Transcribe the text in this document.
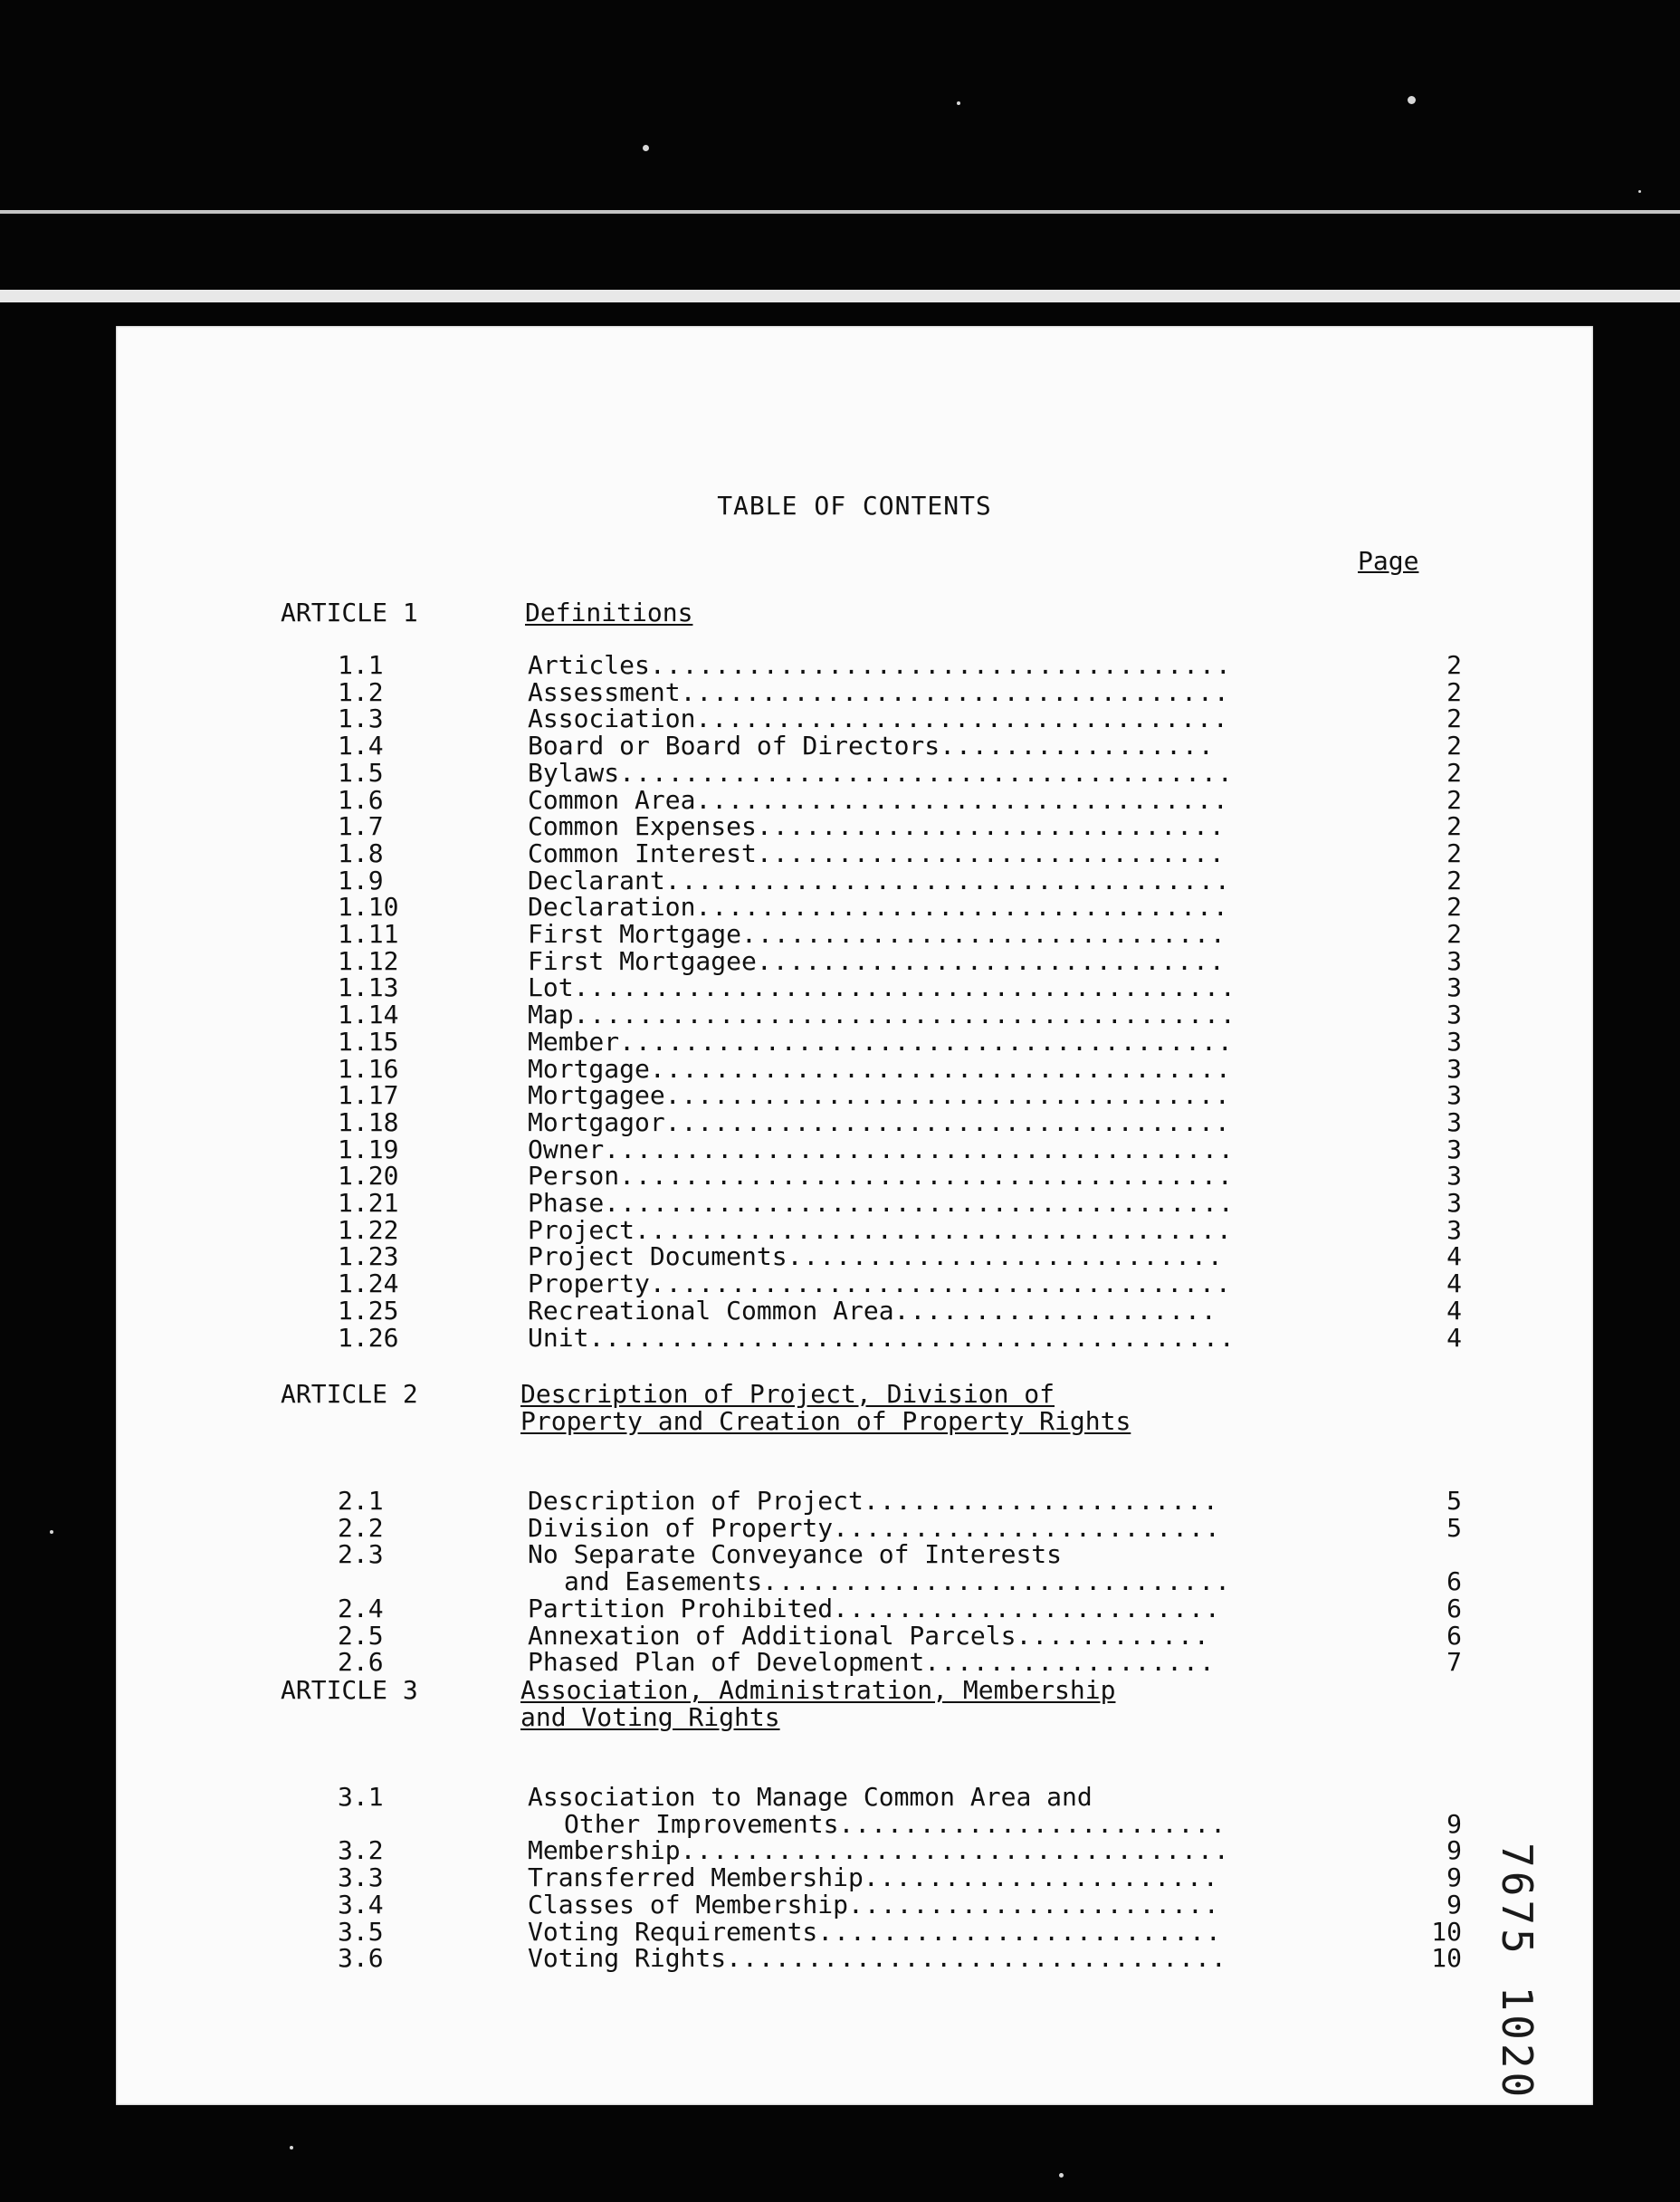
TABLE OF CONTENTS
Page
ARTICLE 1	Definitions
1.1	Articles....................................	2
1.2	Assessment..................................	2
1.3	Association.................................	2
1.4	Board or Board of Directors.................	2
1.5	Bylaws......................................	2
1.6	Common Area.................................	2
1.7	Common Expenses.............................	2
1.8	Common Interest.............................	2
1.9	Declarant...................................	2
1.10	Declaration.................................	2
1.11	First Mortgage..............................	2
1.12	First Mortgagee.............................	3
1.13	Lot.........................................	3
1.14	Map.........................................	3
1.15	Member......................................	3
1.16	Mortgage....................................	3
1.17	Mortgagee...................................	3
1.18	Mortgagor...................................	3
1.19	Owner.......................................	3
1.20	Person......................................	3
1.21	Phase.......................................	3
1.22	Project.....................................	3
1.23	Project Documents...........................	4
1.24	Property....................................	4
1.25	Recreational Common Area....................	4
1.26	Unit........................................	4
ARTICLE 2	Description of Project, Division of
Property and Creation of Property Rights
2.1	Description of Project......................	5
2.2	Division of Property........................	5
2.3	No Separate Conveyance of Interests
and Easements.............................	6
2.4	Partition Prohibited........................	6
2.5	Annexation of Additional Parcels............	6
2.6	Phased Plan of Development..................	7
ARTICLE 3	Association, Administration, Membership
and Voting Rights
3.1	Association to Manage Common Area and
Other Improvements........................	9
3.2	Membership..................................	9
3.3	Transferred Membership......................	9
3.4	Classes of Membership.......................	9
3.5	Voting Requirements.........................	10
3.6	Voting Rights...............................	10 7675 1020
